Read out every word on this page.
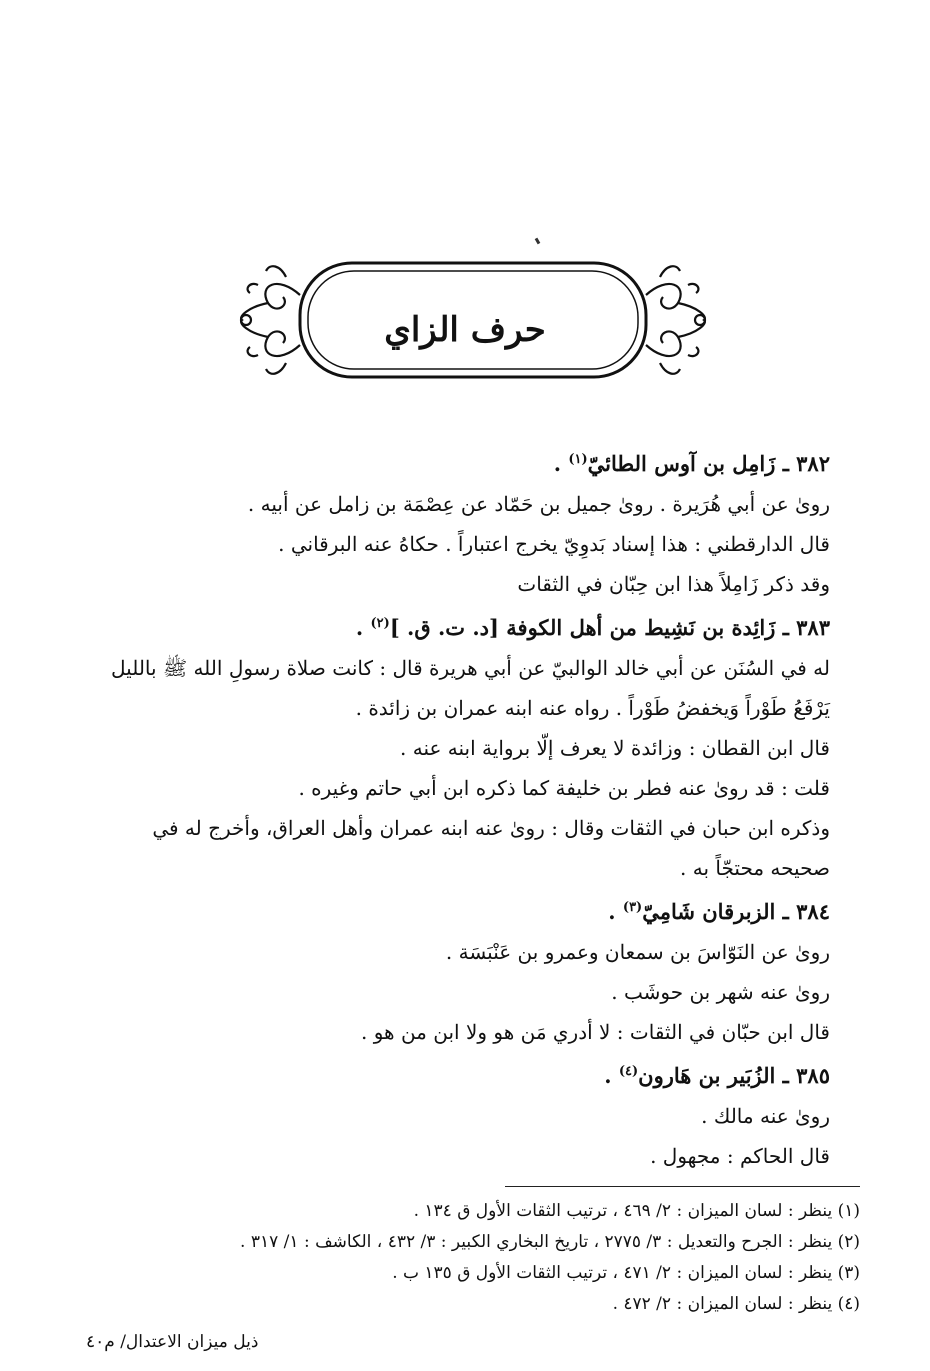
حرف الزاي

٣٨٢ ـ زَامِل بن آوس الطائيّ$^{(١)}$ .

روىٰ عن أبي هُرَيرة . روىٰ جميل بن حَمّاد عن عِصْمَة بن زامل عن أبيه .

قال الدارقطني : هذا إسناد بَدوِيّ يخرج اعتباراً . حكاهُ عنه البرقاني .

وقد ذكر زَامِلاً هذا ابن حِبّان في الثقات

٣٨٣ ـ زَائِدة بن نَشِيط من أهل الكوفة [د. ت. ق. ]$^{(٢)}$ .

له في السُنَن عن أبي خالد الوالبيّ عن أبي هريرة قال : كانت صلاة رسولِ الله ﷺ بالليل

يَرْفَعُ طَوْراً وَيخفضُ طَوْراً . رواه عنه ابنه عمران بن زائدة .

قال ابن القطان : وزائدة لا يعرف إلّا برواية ابنه عنه .

قلت : قد روىٰ عنه فطر بن خليفة كما ذكره ابن أبي حاتم وغيره .

وذكره ابن حبان في الثقات وقال : روىٰ عنه ابنه عمران وأهل العراق، وأخرج له في

صحيحه محتجّاً به .

٣٨٤ ـ الزبرقان شَامِيّ$^{(٣)}$ .

روىٰ عن النَوّاسَ بن سمعان وعمرو بن عَنْبَسَة .

روىٰ عنه شهر بن حوشَب .

قال ابن حبّان في الثقات : لا أدري مَن هو ولا ابن من هو .

٣٨٥ ـ الزُبَير بن هَارون$^{(٤)}$ .

روىٰ عنه مالك .

قال الحاكم : مجهول .

(١) ينظر : لسان الميزان : ٢/ ٤٦٩ ، ترتيب الثقات الأول ق ١٣٤ .

(٢) ينظر : الجرح والتعديل : ٣/ ٢٧٧٥ ، تاريخ البخاري الكبير : ٣/ ٤٣٢ ، الكاشف : ١/ ٣١٧ .

(٣) ينظر : لسان الميزان : ٢/ ٤٧١ ، ترتيب الثقات الأول ق ١٣٥ ب .

(٤) ينظر : لسان الميزان : ٢/ ٤٧٢ .

ذيل ميزان الاعتدال/ م٤٠
